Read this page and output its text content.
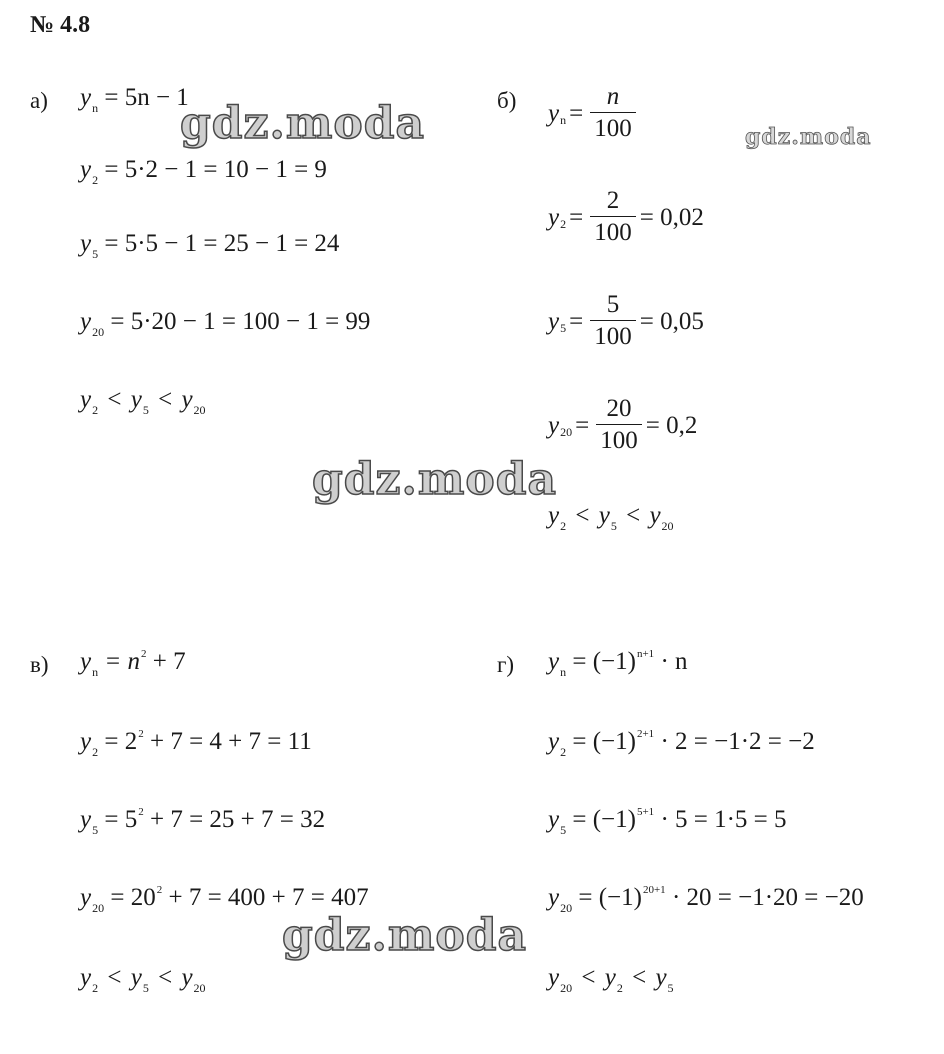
№ 4.8
а) $y_n = 5n - 1$
$y_2 = 5\cdot 2 - 1 = 10 - 1 = 9$
$y_5 = 5\cdot 5 - 1 = 25 - 1 = 24$
$y_{20} = 5\cdot 20 - 1 = 100 - 1 = 99$
$y_2 < y_5 < y_{20}$
б) y $n = \frac{n}{100}$
y $2 = \frac{2}{100} = 0,02$
y $5 = \frac{5}{100} = 0,05$
y $20 = \frac{20}{100} = 0,2$
$y_2 < y_5 < y_{20}$
в) $y_n = n^2 + 7$
$y_2 = 2^2 + 7 = 4 + 7 = 11$
$y_5 = 5^2 + 7 = 25 + 7 = 32$
$y_{20} = 20^2 + 7 = 400 + 7 = 407$
$y_2 < y_5 < y_{20}$
г) $y_n = (-1)^{n+1} \cdot n$
$y_2 = (-1)^{2+1} \cdot 2 = -1\cdot 2 = -2$
$y_5 = (-1)^{5+1} \cdot 5 = 1\cdot 5 = 5$
$y_{20} = (-1)^{20+1} \cdot 20 = -1\cdot 20 = -20$
$y_{20} < y_2 < y_5$
gdz.moda	gdz.moda
gdz.moda
gdz.moda
